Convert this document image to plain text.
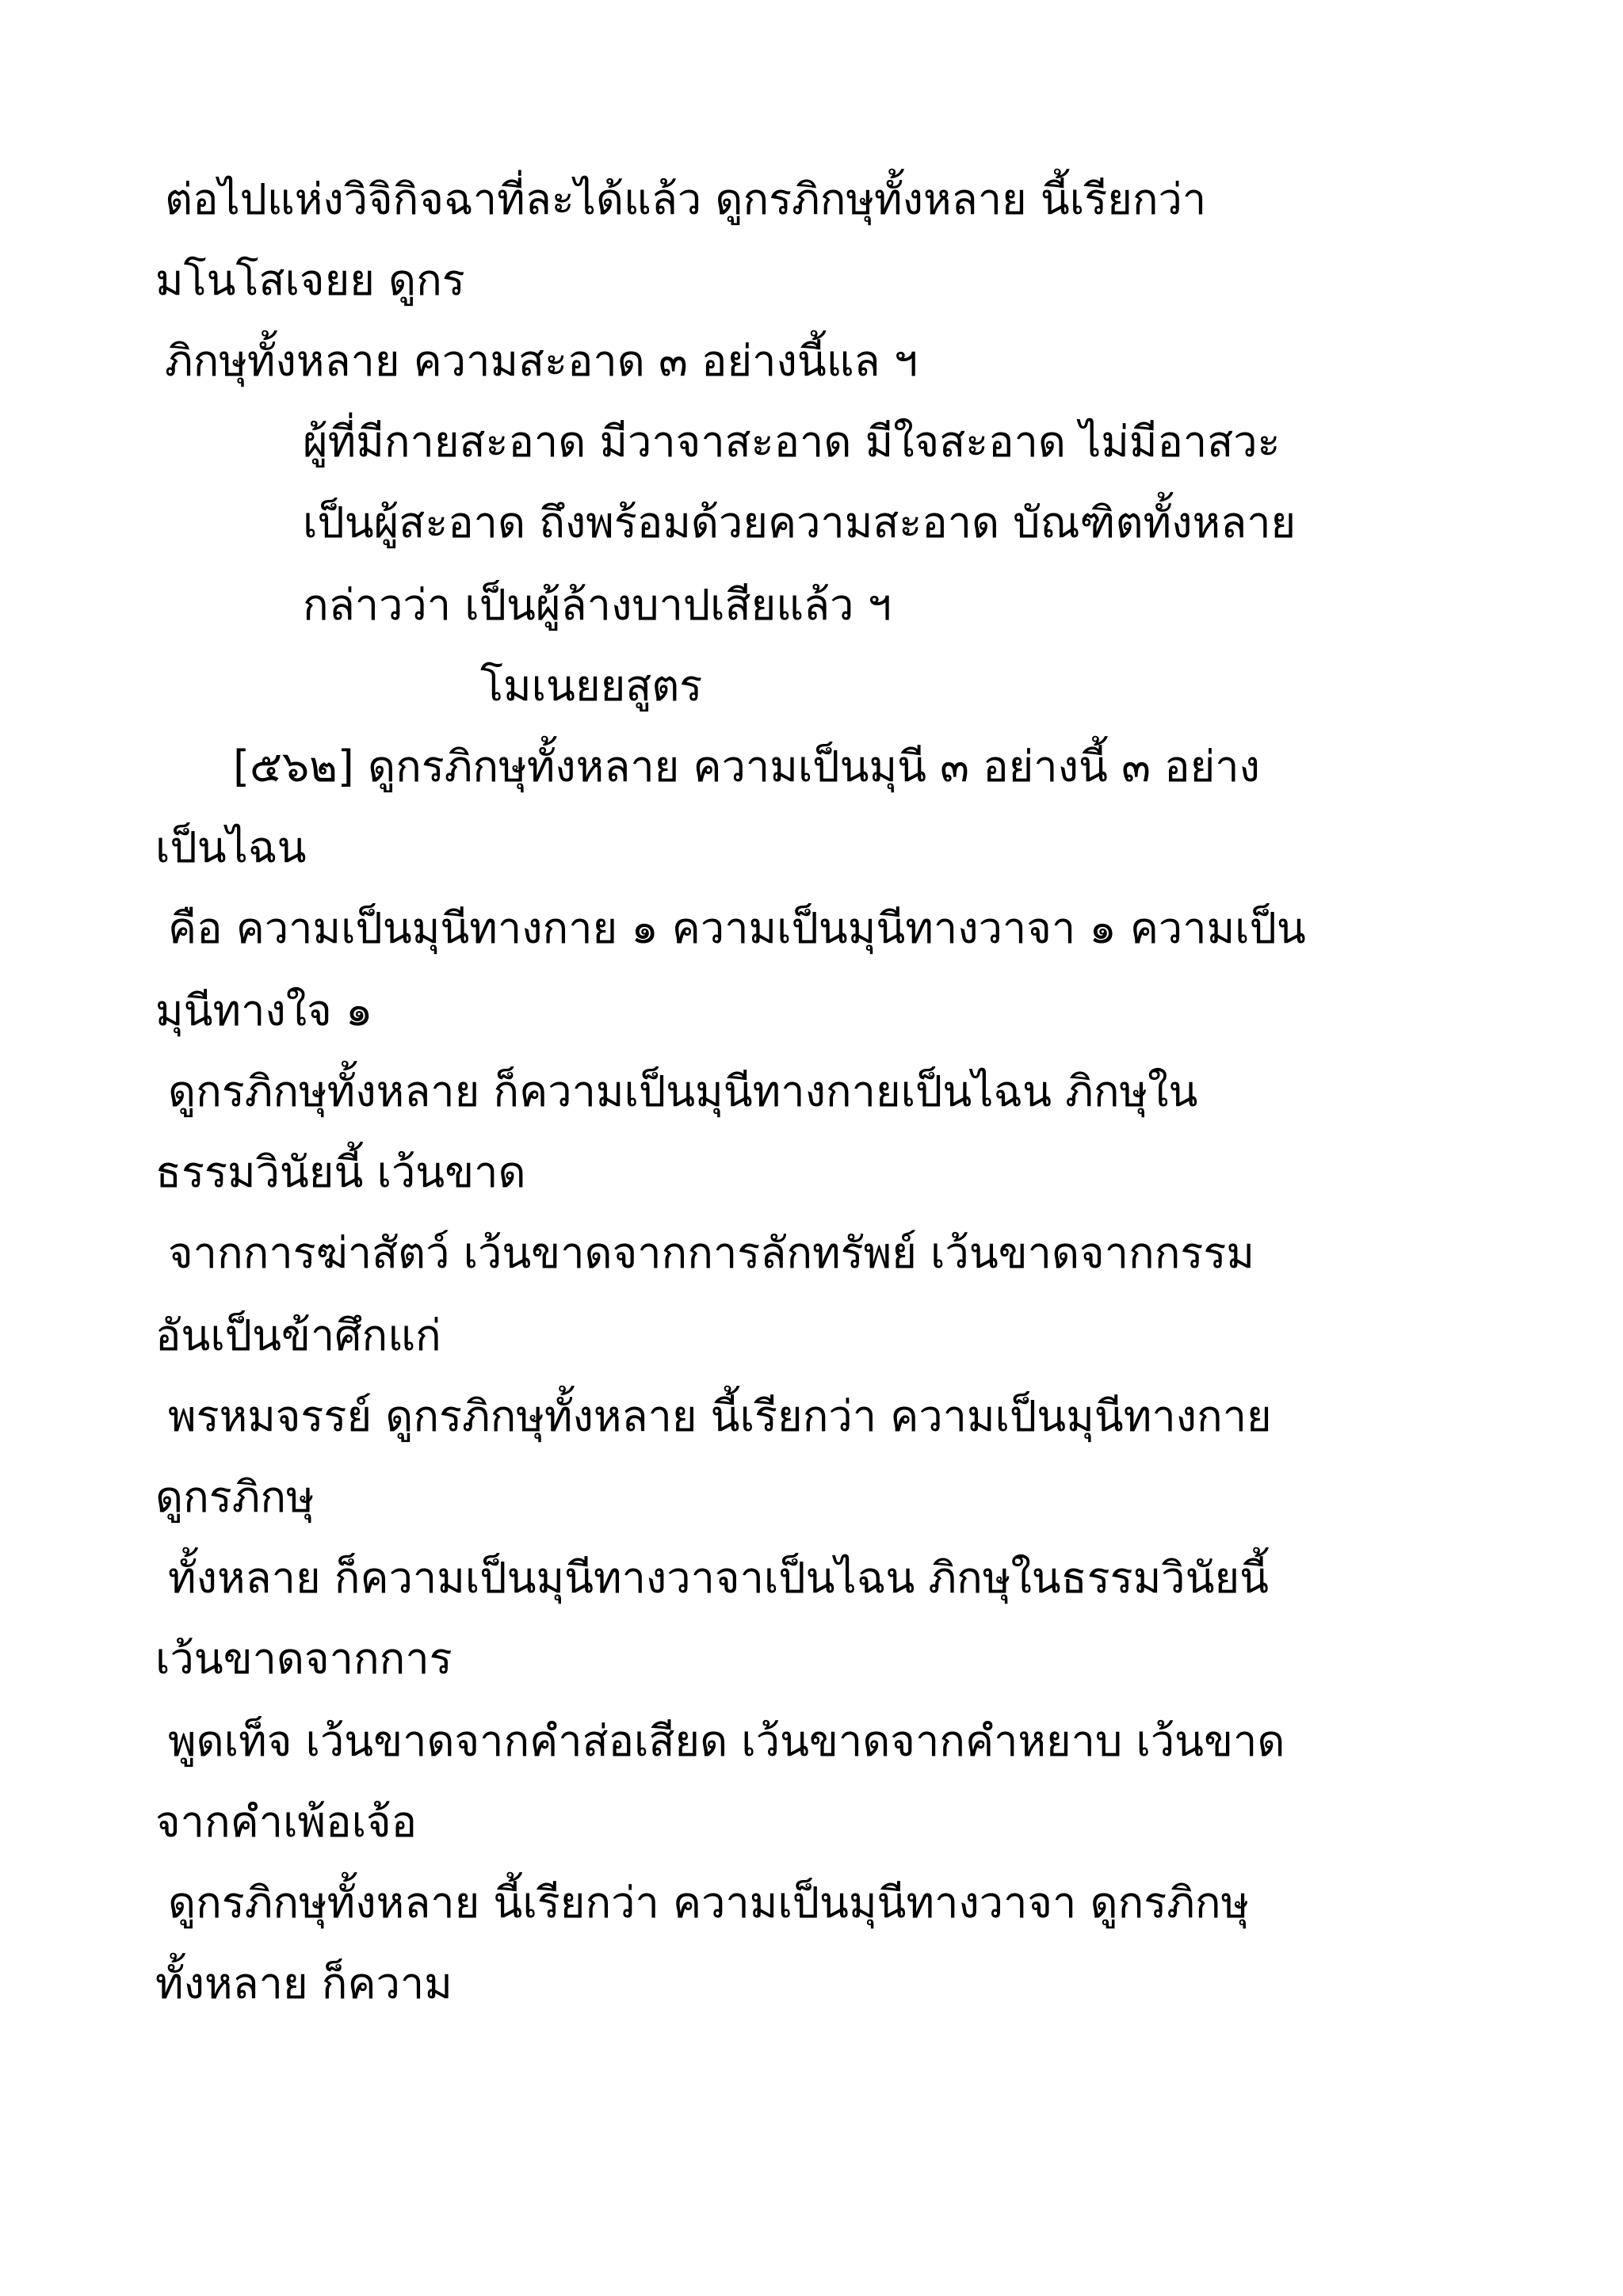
ต่อไปแห่งวิจิกิจฉาที่ละได้แล้ว ดูกรภิกษุทั้งหลาย นี้เรียกว่า
มโนโสเจยย ดูกร
ภิกษุทั้งหลาย ความสะอาด ๓ อย่างนี้แล ฯ
ผู้ที่มีกายสะอาด มีวาจาสะอาด มีใจสะอาด ไม่มีอาสวะ
เป็นผู้สะอาด ถึงพร้อมด้วยความสะอาด บัณฑิตทั้งหลาย
กล่าวว่า เป็นผู้ล้างบาปเสียแล้ว ฯ
โมเนยยสูตร
[๕๖๒] ดูกรภิกษุทั้งหลาย ความเป็นมุนี ๓ อย่างนี้ ๓ อย่าง
เป็นไฉน
คือ ความเป็นมุนีทางกาย ๑ ความเป็นมุนีทางวาจา ๑ ความเป็น
มุนีทางใจ ๑
ดูกรภิกษุทั้งหลาย ก็ความเป็นมุนีทางกายเป็นไฉน ภิกษุใน
ธรรมวินัยนี้ เว้นขาด
จากการฆ่าสัตว์ เว้นขาดจากการลักทรัพย์ เว้นขาดจากกรรม
อันเป็นข้าศึกแก่
พรหมจรรย์ ดูกรภิกษุทั้งหลาย นี้เรียกว่า ความเป็นมุนีทางกาย
ดูกรภิกษุ
ทั้งหลาย ก็ความเป็นมุนีทางวาจาเป็นไฉน ภิกษุในธรรมวินัยนี้
เว้นขาดจากการ
พูดเท็จ เว้นขาดจากคำส่อเสียด เว้นขาดจากคำหยาบ เว้นขาด
จากคำเพ้อเจ้อ
ดูกรภิกษุทั้งหลาย นี้เรียกว่า ความเป็นมุนีทางวาจา ดูกรภิกษุ
ทั้งหลาย ก็ความ
